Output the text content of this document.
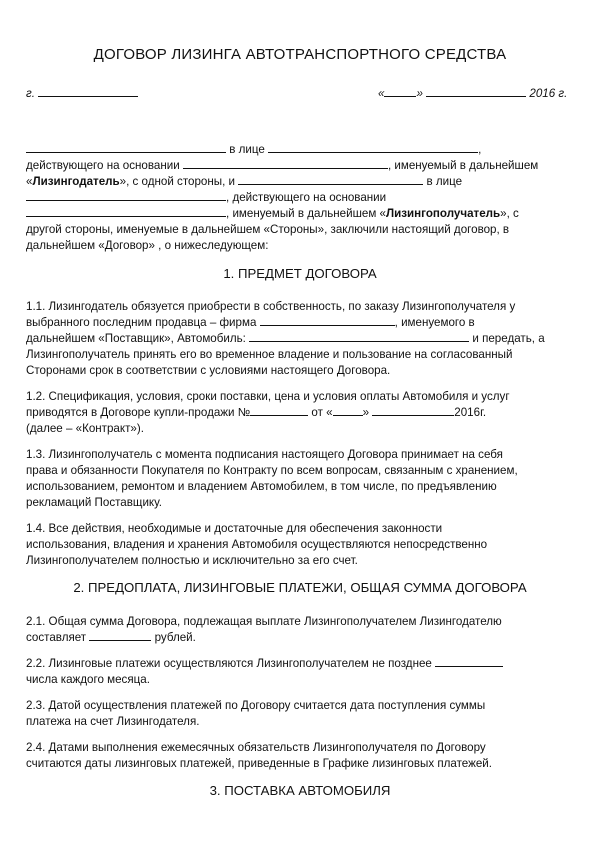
ДОГОВОР ЛИЗИНГА АВТОТРАНСПОРТНОГО СРЕДСТВА
г.	«	»	2016 г.
в лице	,
действующего на основании	, именуемый в дальнейшем
«Лизингодатель», с одной стороны, и	в лице
, действующего на основании
, именуемый в дальнейшем «Лизингополучатель», с
другой стороны, именуемые в дальнейшем «Стороны», заключили настоящий договор, в
дальнейшем «Договор» , о нижеследующем:
1. ПРЕДМЕТ ДОГОВОРА
1.1. Лизингодатель обязуется приобрести в собственность, по заказу Лизингополучателя у
выбранного последним продавца – фирма	, именуемого в
дальнейшем «Поставщик», Автомобиль:	и передать, а
Лизингополучатель принять его во временное владение и пользование на согласованный
Сторонами срок в соответствии с условиями настоящего Договора.
1.2. Спецификация, условия, сроки поставки, цена и условия оплаты Автомобиля и услуг
приводятся в Договоре купли-продажи №	от «	»	2016г.
(далее – «Контракт»).
1.3. Лизингополучатель с момента подписания настоящего Договора принимает на себя
права и обязанности Покупателя по Контракту по всем вопросам, связанным с хранением,
использованием, ремонтом и владением Автомобилем, в том числе, по предъявлению
рекламаций Поставщику.
1.4. Все действия, необходимые и достаточные для обеспечения законности
использования, владения и хранения Автомобиля осуществляются непосредственно
Лизингополучателем полностью и исключительно за его счет.
2. ПРЕДОПЛАТА, ЛИЗИНГОВЫЕ ПЛАТЕЖИ, ОБЩАЯ СУММА ДОГОВОРА
2.1. Общая сумма Договора, подлежащая выплате Лизингополучателем Лизингодателю
составляет	рублей.
2.2. Лизинговые платежи осуществляются Лизингополучателем не позднее
числа каждого месяца.
2.3. Датой осуществления платежей по Договору считается дата поступления суммы
платежа на счет Лизингодателя.
2.4. Датами выполнения ежемесячных обязательств Лизингополучателя по Договору
считаются даты лизинговых платежей, приведенные в Графике лизинговых платежей.
3. ПОСТАВКА АВТОМОБИЛЯ
